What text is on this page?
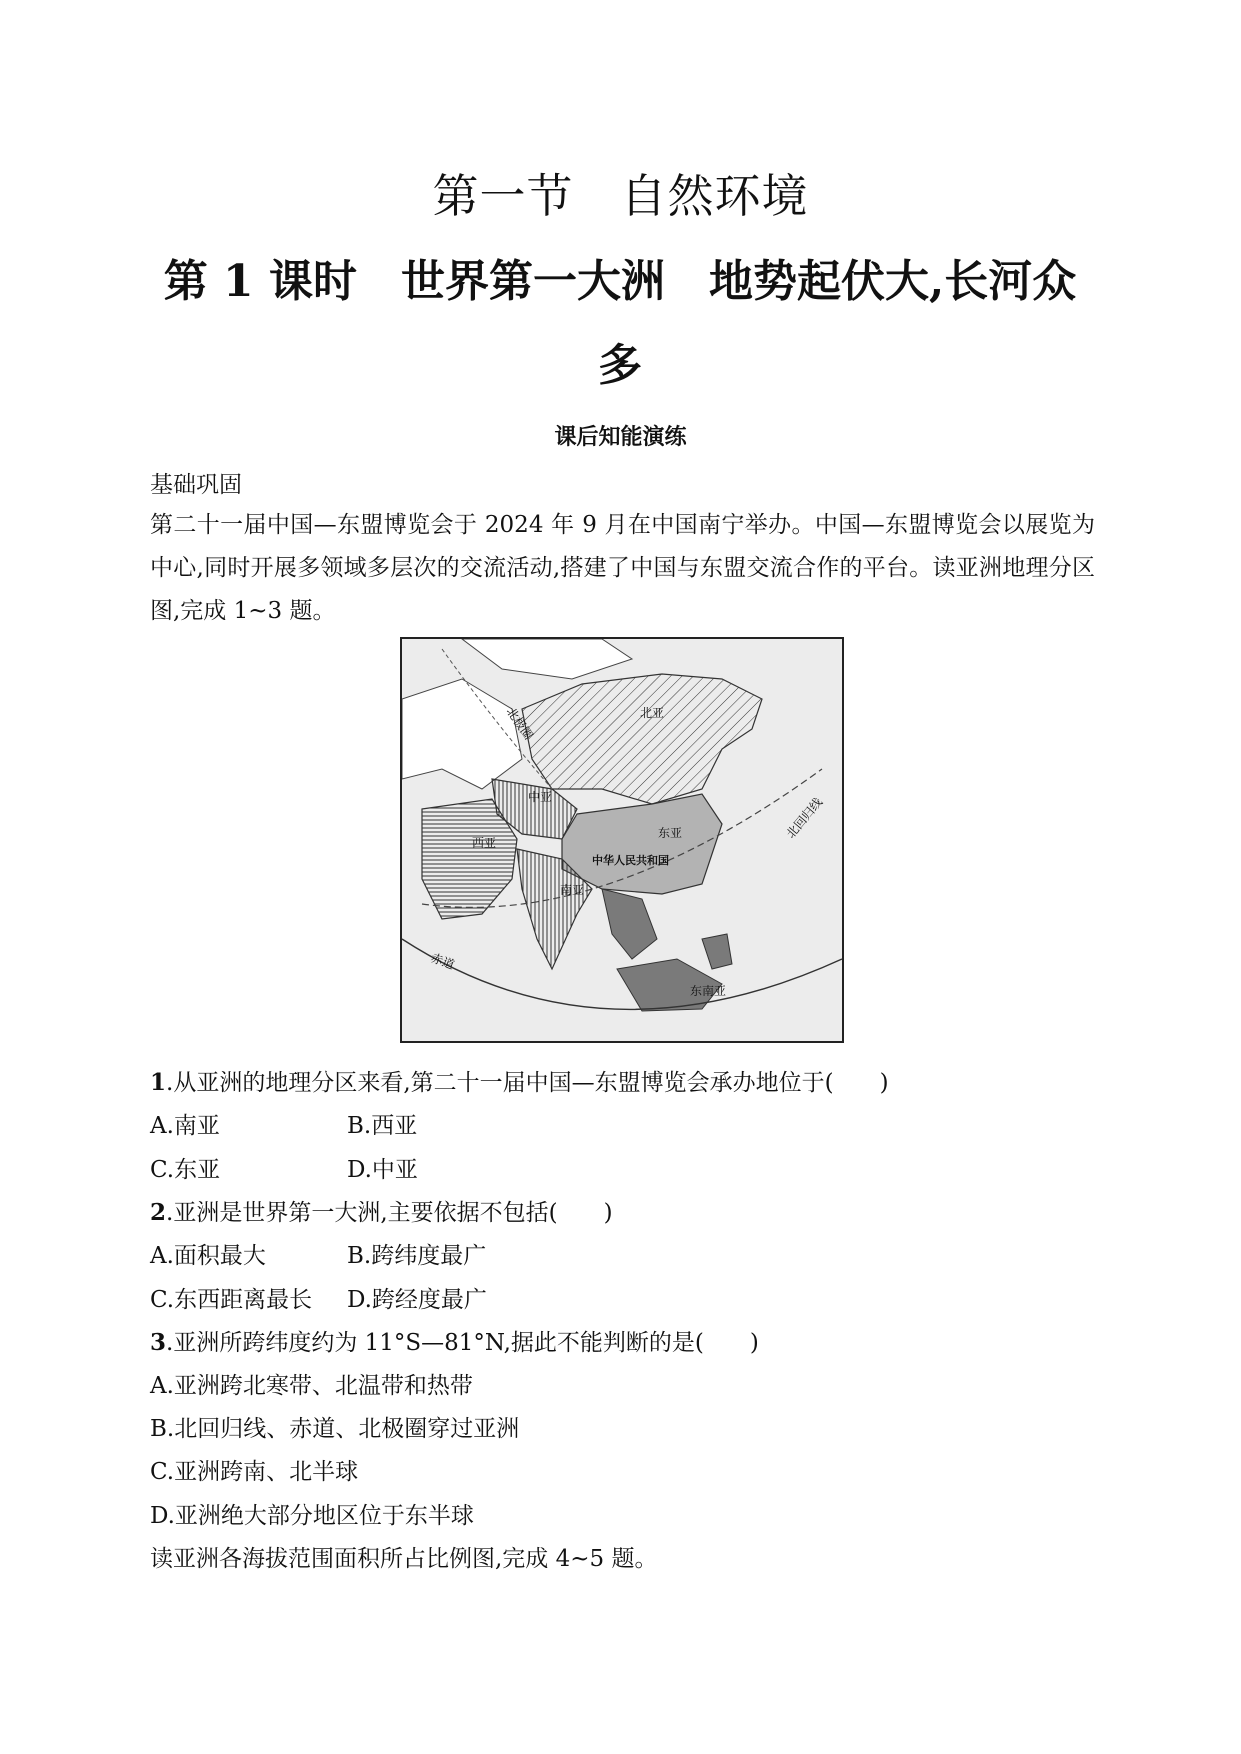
第一节　自然环境
第 1 课时　世界第一大洲　地势起伏大,长河众多
课后知能演练
基础巩固
第二十一届中国—东盟博览会于 2024 年 9 月在中国南宁举办。中国—东盟博览会以展览为中心,同时开展多领域多层次的交流活动,搭建了中国与东盟交流合作的平台。读亚洲地理分区图,完成 1~3 题。
北极圈	北亚
中亚
东亚	北回归线
西亚
中华人民共和国
南亚
赤道
东南亚
1.从亚洲的地理分区来看,第二十一届中国—东盟博览会承办地位于(　　)
A.南亚	B.西亚
C.东亚	D.中亚
2.亚洲是世界第一大洲,主要依据不包括(　　)
A.面积最大	B.跨纬度最广
C.东西距离最长 D.跨经度最广
3.亚洲所跨纬度约为 11°S—81°N,据此不能判断的是(　　)
A.亚洲跨北寒带、北温带和热带
B.北回归线、赤道、北极圈穿过亚洲
C.亚洲跨南、北半球
D.亚洲绝大部分地区位于东半球
读亚洲各海拔范围面积所占比例图,完成 4~5 题。
